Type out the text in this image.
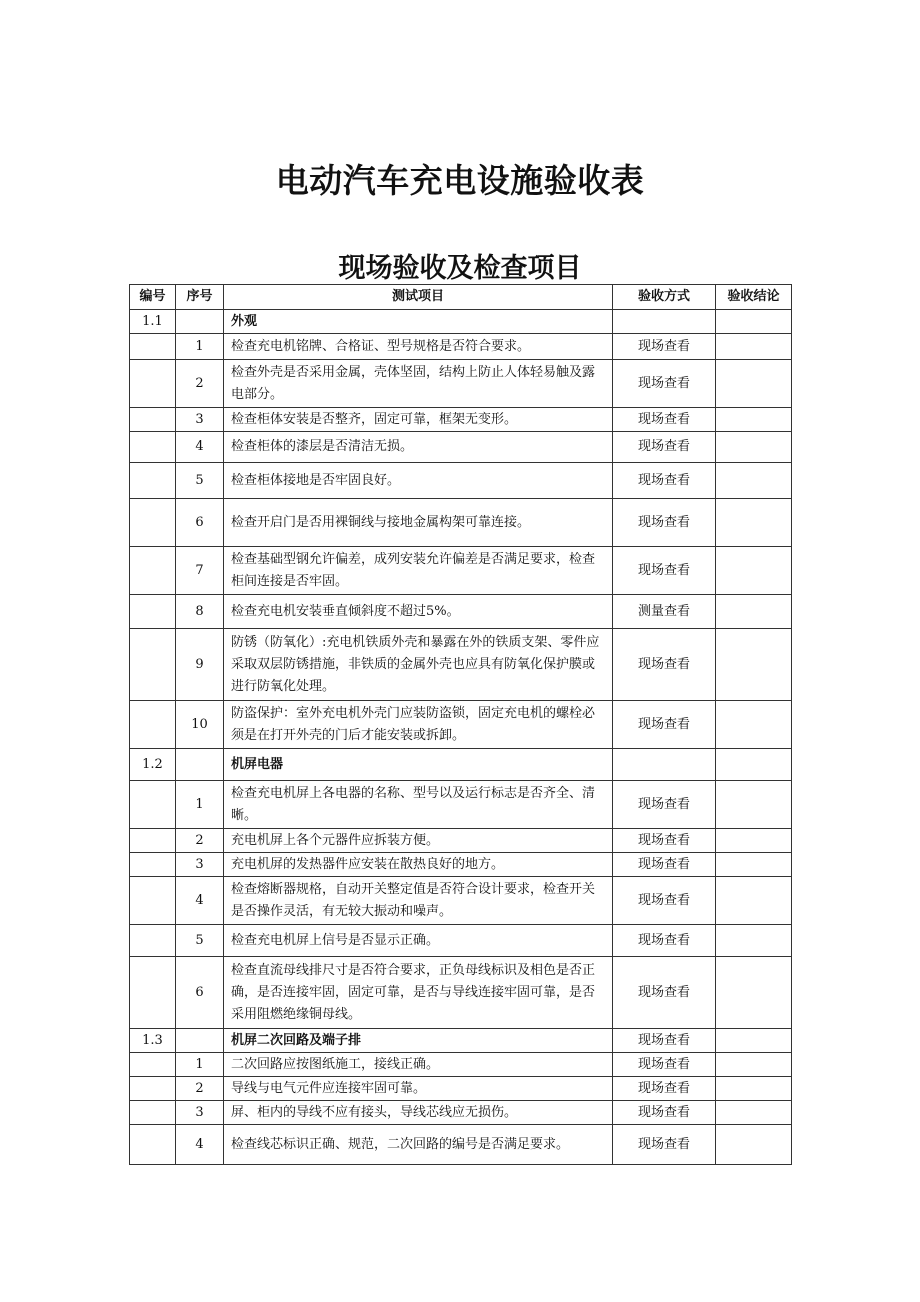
电动汽车充电设施验收表
现场验收及检查项目
编号	序号	测试项目	验收方式	验收结论
1.1		外观		
	1	检查充电机铭牌、合格证、型号规格是否符合要求。	现场查看	
	2	检查外壳是否采用金属，壳体坚固，结构上防止人体轻易触及露电部分。	现场查看	
	3	检查柜体安装是否整齐，固定可靠，框架无变形。	现场查看	
	4	检查柜体的漆层是否清洁无损。	现场查看	
	5	检查柜体接地是否牢固良好。	现场查看	
	6	检查开启门是否用裸铜线与接地金属构架可靠连接。	现场查看	
	7	检查基础型钢允许偏差，成列安装允许偏差是否满足要求，检查柜间连接是否牢固。	现场查看	
	8	检查充电机安装垂直倾斜度不超过5%。	测量查看	
	9	防锈（防氧化）:充电机铁质外壳和暴露在外的铁质支架、零件应采取双层防锈措施，非铁质的金属外壳也应具有防氧化保护膜或进行防氧化处理。	现场查看	
	10	防盗保护：室外充电机外壳门应装防盗锁，固定充电机的螺栓必须是在打开外壳的门后才能安装或拆卸。	现场查看	
1.2		机屏电器		
	1	检查充电机屏上各电器的名称、型号以及运行标志是否齐全、清晰。	现场查看	
	2	充电机屏上各个元器件应拆装方便。	现场查看	
	3	充电机屏的发热器件应安装在散热良好的地方。	现场查看	
	4	检查熔断器规格，自动开关整定值是否符合设计要求，检查开关是否操作灵活，有无较大振动和噪声。	现场查看	
	5	检查充电机屏上信号是否显示正确。	现场查看	
	6	检查直流母线排尺寸是否符合要求，正负母线标识及相色是否正确，是否连接牢固，固定可靠，是否与导线连接牢固可靠，是否采用阻燃绝缘铜母线。	现场查看	
1.3		机屏二次回路及端子排	现场查看	
	1	二次回路应按图纸施工，接线正确。	现场查看	
	2	导线与电气元件应连接牢固可靠。	现场查看	
	3	屏、柜内的导线不应有接头，导线芯线应无损伤。	现场查看	
	4	检查线芯标识正确、规范，二次回路的编号是否满足要求。	现场查看	
